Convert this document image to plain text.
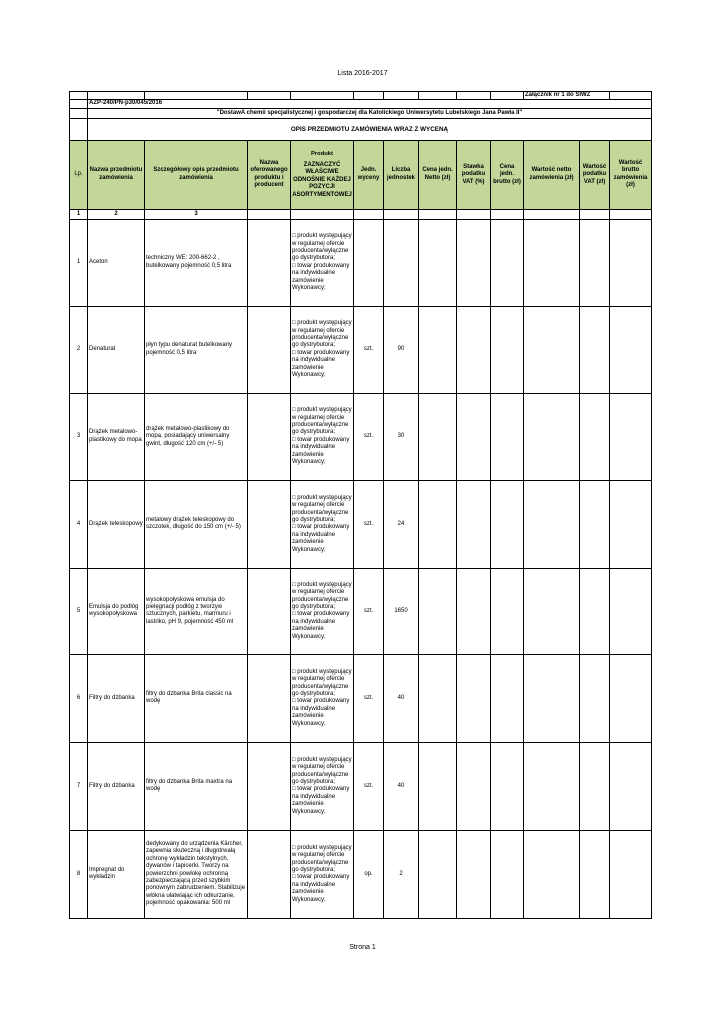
Lista 2016-2017
										Załącznik nr 1 do SIWZ		
	AZP-240/PN-p30/045/2016											
	"DostawA chemii specjalistycznej i gospodarczej dla Katolickiego Uniwersytetu Lubelskiego Jana Pawła II"											
	OPIS PRZEDMIOTU ZAMÓWIENIA WRAZ Z WYCENĄ											
Lp.	Nazwa przedmiotu zamówienia	Szczegółowy opis przedmiotu zamówienia	Nazwa oferowanego produktu i producent	Produkt
ZAZNACZYĆ WŁAŚCIWE ODNOŚNIE KAŻDEJ POZYCJI ASORTYMENTOWEJ	Jedn. wyceny	Liczba jednostek	Cena jedn. Netto (zł)	Stawka podatku VAT (%)	Cena jedn. brutto (zł)	Wartość netto zamówienia (zł)	Wartość podatku VAT (zł)	Wartość brutto zamówienia (zł)
1	2	3										
1	Aceton	techniczny WE: 200-662-2 , butelkowany pojemność 0,5 litra		□ produkt występujący w regularnej ofercie producenta/wyłączne go dystrybutora;
□ towar produkowany na indywidualne zamówienie Wykonawcy;								
2	Denaturat	płyn typu denaturat butelkowany pojemność 0,5 litra		□ produkt występujący w regularnej ofercie producenta/wyłączne go dystrybutora;
□ towar produkowany na indywidualne zamówienie Wykonawcy;	szt.	90						
3	Drążek metalowo-plastikowy do mopa	drążek metalowo-plastikowy do mopa, posiadający uniwersalny gwint, długość 120 cm (+/- 5)		□ produkt występujący w regularnej ofercie producenta/wyłączne go dystrybutora;
□ towar produkowany na indywidualne zamówienie Wykonawcy;	szt.	30						
4	Drążek teleskopowy	metalowy drążek teleskopowy do szczotek, długość do 150 cm (+/- 5)		□ produkt występujący w regularnej ofercie producenta/wyłączne go dystrybutora;
□ towar produkowany na indywidualne zamówienie Wykonawcy;	szt.	24						
5	Emulsja do podłóg wysokopołyskowa	wysokopołyskowa emulsja do pielęgnacji podłóg z tworzyw sztucznych, parkietu, marmuru i lastriko, pH 9, pojemność 450 ml		□ produkt występujący w regularnej ofercie producenta/wyłączne go dystrybutora;
□ towar produkowany na indywidualne zamówienie Wykonawcy;	szt.	1650						
6	Filtry do dzbanka	filtry do dzbanka Brita classic na wodę		□ produkt występujący w regularnej ofercie producenta/wyłączne go dystrybutora;
□ towar produkowany na indywidualne zamówienie Wykonawcy;	szt.	40						
7	Filtry do dzbanka	filtry do dzbanka Brita maxtra na wodę		□ produkt występujący w regularnej ofercie producenta/wyłączne go dystrybutora;
□ towar produkowany na indywidualne zamówienie Wykonawcy;	szt.	40						
8	Impregnat do wykładzin	dedykowany do urządzenia Kärcher, zapewnia skuteczną i długotrwałą ochronę wykładzin tekstylnych, dywanów i tapicerki. Tworzy na powierzchni powłokę ochronną zabezpieczającą przed szybkim ponownym zabrudzeniem. Stabilizuje włókna ułatwiając ich odkurzanie, pojemność opakowania: 500 ml		□ produkt występujący w regularnej ofercie producenta/wyłączne go dystrybutora;
□ towar produkowany na indywidualne zamówienie Wykonawcy;	op.	2						
Strona 1
